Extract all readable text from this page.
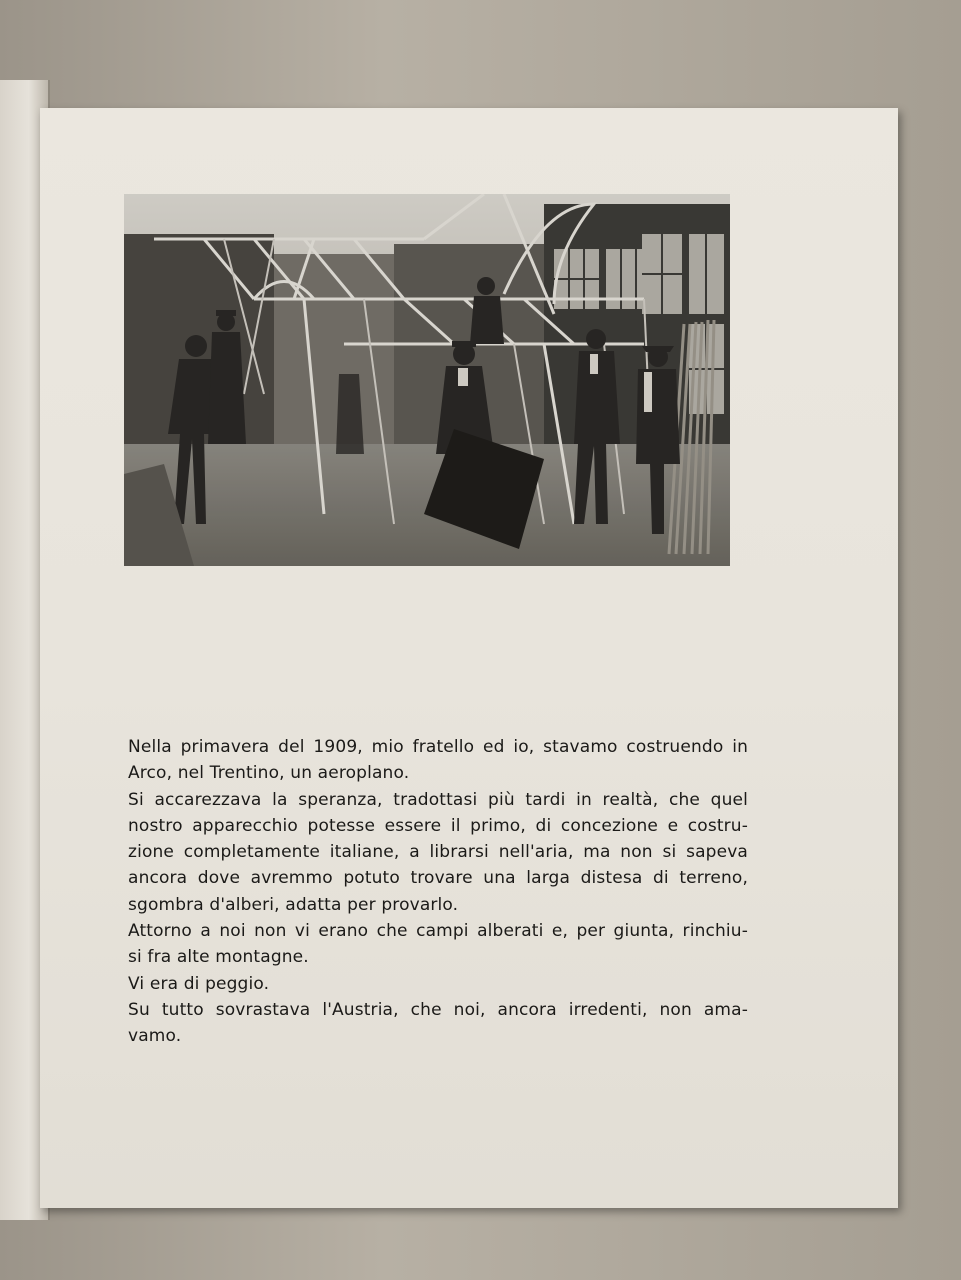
Nella primavera del 1909, mio fratello ed io, stavamo costruendo in
Arco, nel Trentino, un aeroplano.
Si accarezzava la speranza, tradottasi più tardi in realtà, che quel
nostro apparecchio potesse essere il primo, di concezione e costru-
zione completamente italiane, a librarsi nell'aria, ma non si sapeva
ancora dove avremmo potuto trovare una larga distesa di terreno,
sgombra d'alberi, adatta per provarlo.
Attorno a noi non vi erano che campi alberati e, per giunta, rinchiu-
si fra alte montagne.
Vi era di peggio.
Su tutto sovrastava l'Austria, che noi, ancora irredenti, non ama-
vamo.
